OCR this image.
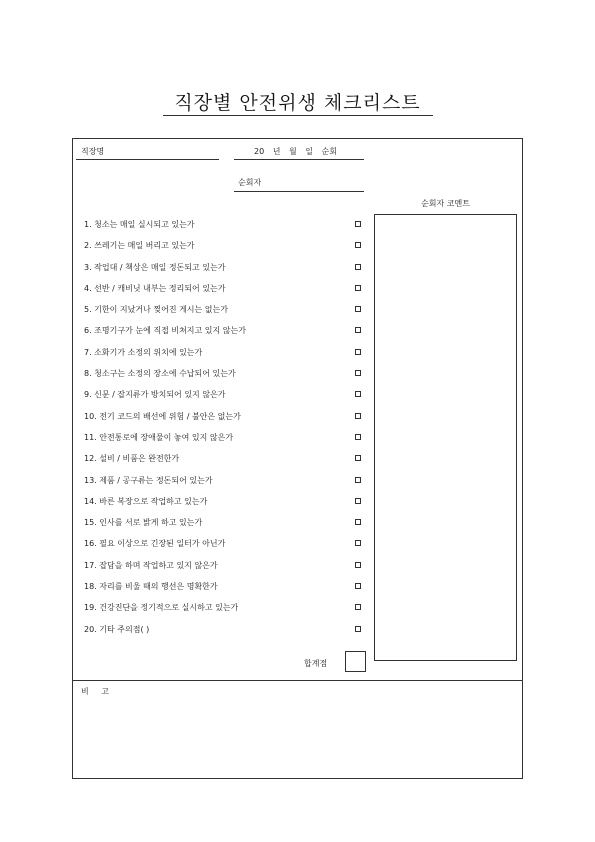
직장별 안전위생 체크리스트
직장명	20 년 월 일 순회
순회자
순회자 코멘트
1. 청소는 매일 실시되고 있는가
2. 쓰레기는 매일 버리고 있는가
3. 작업대 / 책상은 매일 정돈되고 있는가
4. 선반 / 캐비닛 내부는 정리되어 있는가
5. 기한이 지났거나 찢어진 게시는 없는가
6. 조명기구가 눈에 직접 비쳐지고 있지 않는가
7. 소화기가 소정의 위치에 있는가
8. 청소구는 소정의 장소에 수납되어 있는가
9. 신문 / 잡지류가 방치되어 있지 않은가
10. 전기 코드의 배선에 위험 / 불안은 없는가
11. 안전통로에 장애물이 놓여 있지 않은가
12. 설비 / 비품은 완전한가
13. 제품 / 공구류는 정돈되어 있는가
14. 바른 복장으로 작업하고 있는가
15. 인사를 서로 밝게 하고 있는가
16. 필요 이상으로 긴장된 일터가 아닌가
17. 잡담을 하며 작업하고 있지 않은가
18. 자리를 비울 때의 행선은 명확한가
19. 건강진단을 정기적으로 실시하고 있는가
20. 기타 주의점( )
합계점
비 고
